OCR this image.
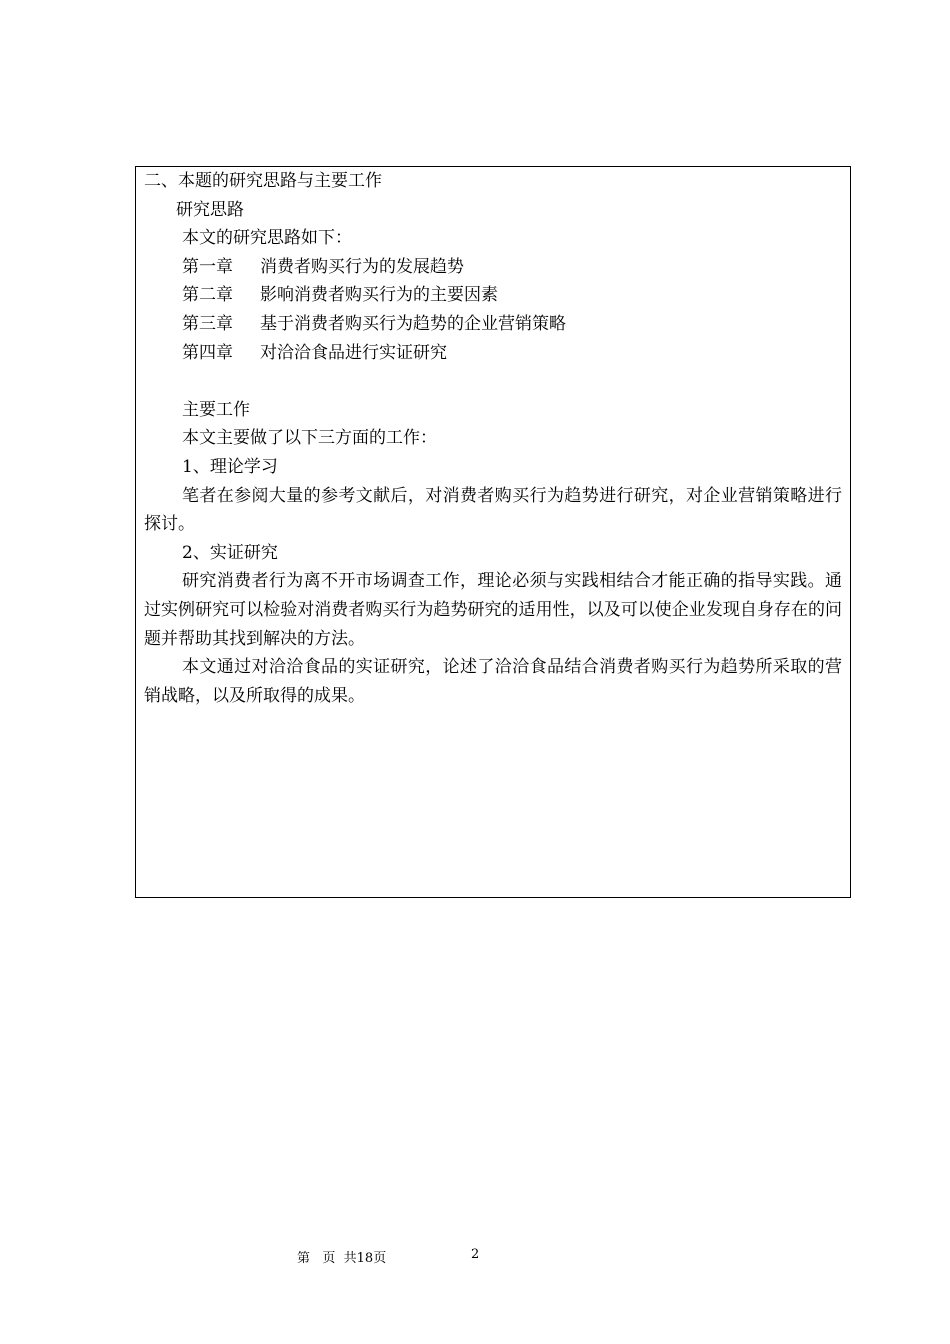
二、本题的研究思路与主要工作
研究思路
本文的研究思路如下：
第一章 消费者购买行为的发展趋势
第二章 影响消费者购买行为的主要因素
第三章 基于消费者购买行为趋势的企业营销策略
第四章 对洽洽食品进行实证研究
主要工作
本文主要做了以下三方面的工作：
1、理论学习
笔者在参阅大量的参考文献后，对消费者购买行为趋势进行研究，对企业营销策略进行探讨。
2、实证研究
研究消费者行为离不开市场调查工作，理论必须与实践相结合才能正确的指导实践。通过实例研究可以检验对消费者购买行为趋势研究的适用性，以及可以使企业发现自身存在的问题并帮助其找到解决的方法。
本文通过对洽洽食品的实证研究，论述了洽洽食品结合消费者购买行为趋势所采取的营销战略，以及所取得的成果。
第   页  共18页	2
